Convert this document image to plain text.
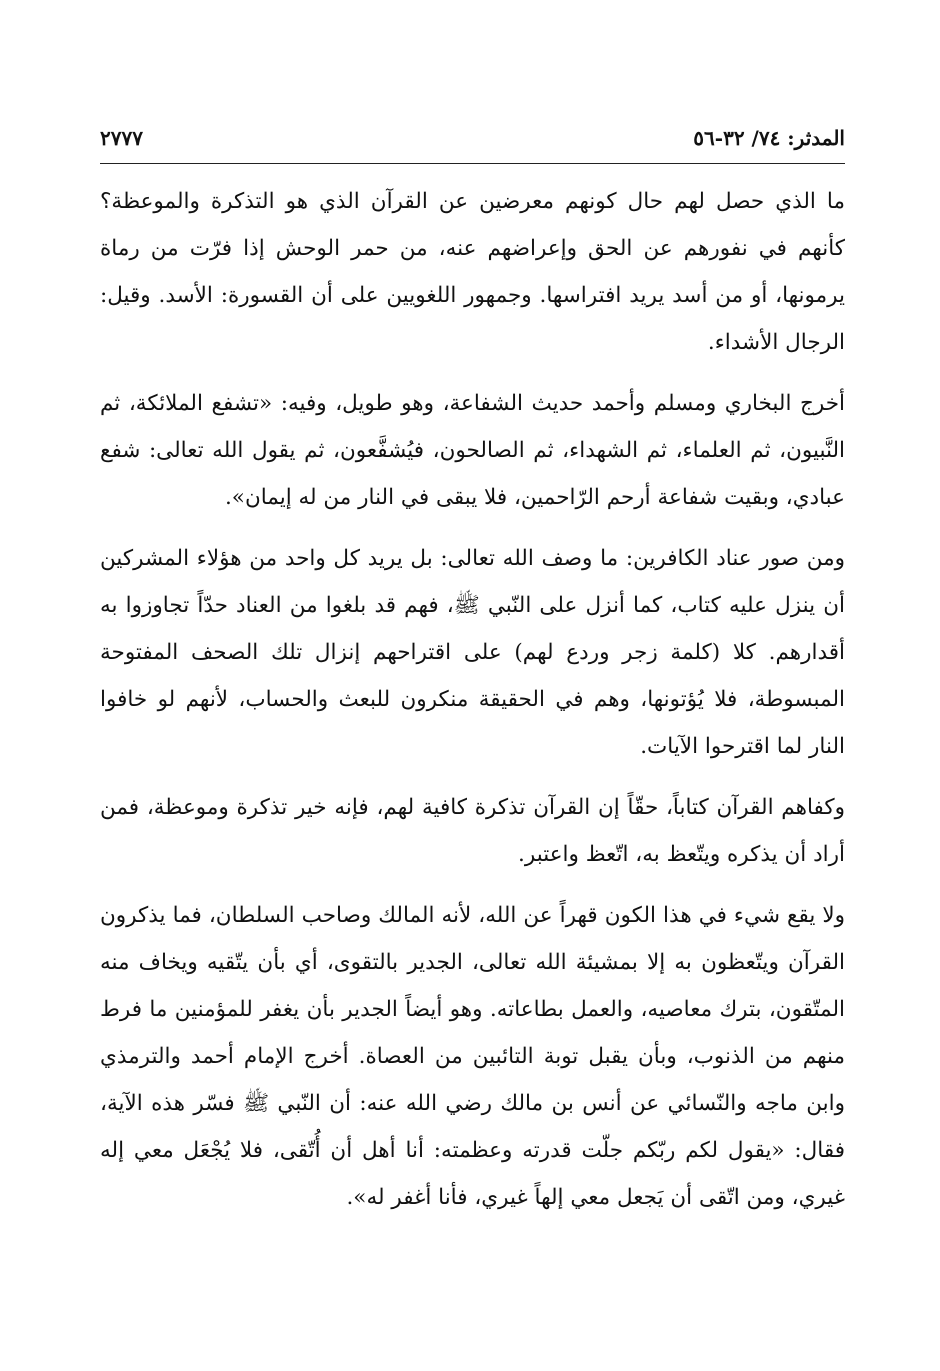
المدثر: ٧٤/ ٣٢-٥٦
٢٧٧٧

ما الذي حصل لهم حال كونهم معرضين عن القرآن الذي هو التذكرة والموعظة؟ كأنهم في نفورهم عن الحق وإعراضهم عنه، من حمر الوحش إذا فرّت من رماة يرمونها، أو من أسد يريد افتراسها. وجمهور اللغويين على أن القسورة: الأسد. وقيل: الرجال الأشداء.

أخرج البخاري ومسلم وأحمد حديث الشفاعة، وهو طويل، وفيه: «تشفع الملائكة، ثم النَّبيون، ثم العلماء، ثم الشهداء، ثم الصالحون، فيُشفَّعون، ثم يقول الله تعالى: شفع عبادي، وبقيت شفاعة أرحم الرّاحمين، فلا يبقى في النار من له إيمان».

ومن صور عناد الكافرين: ما وصف الله تعالى: بل يريد كل واحد من هؤلاء المشركين أن ينزل عليه كتاب، كما أنزل على النّبي ﷺ، فهم قد بلغوا من العناد حدّاً تجاوزوا به أقدارهم. كلا (كلمة زجر وردع لهم) على اقتراحهم إنزال تلك الصحف المفتوحة المبسوطة، فلا يُؤتونها، وهم في الحقيقة منكرون للبعث والحساب، لأنهم لو خافوا النار لما اقترحوا الآيات.

وكفاهم القرآن كتاباً، حقّاً إن القرآن تذكرة كافية لهم، فإنه خير تذكرة وموعظة، فمن أراد أن يذكره ويتّعظ به، اتّعظ واعتبر.

ولا يقع شيء في هذا الكون قهراً عن الله، لأنه المالك وصاحب السلطان، فما يذكرون القرآن ويتّعظون به إلا بمشيئة الله تعالى، الجدير بالتقوى، أي بأن يتّقيه ويخاف منه المتّقون، بترك معاصيه، والعمل بطاعاته. وهو أيضاً الجدير بأن يغفر للمؤمنين ما فرط منهم من الذنوب، وبأن يقبل توبة التائبين من العصاة. أخرج الإمام أحمد والترمذي وابن ماجه والنّسائي عن أنس بن مالك رضي الله عنه: أن النّبي ﷺ فسّر هذه الآية، فقال: «يقول لكم ربّكم جلّت قدرته وعظمته: أنا أهل أن أُتّقى، فلا يُجْعَل معي إله غيري، ومن اتّقى أن يَجعل معي إلهاً غيري، فأنا أغفر له».
